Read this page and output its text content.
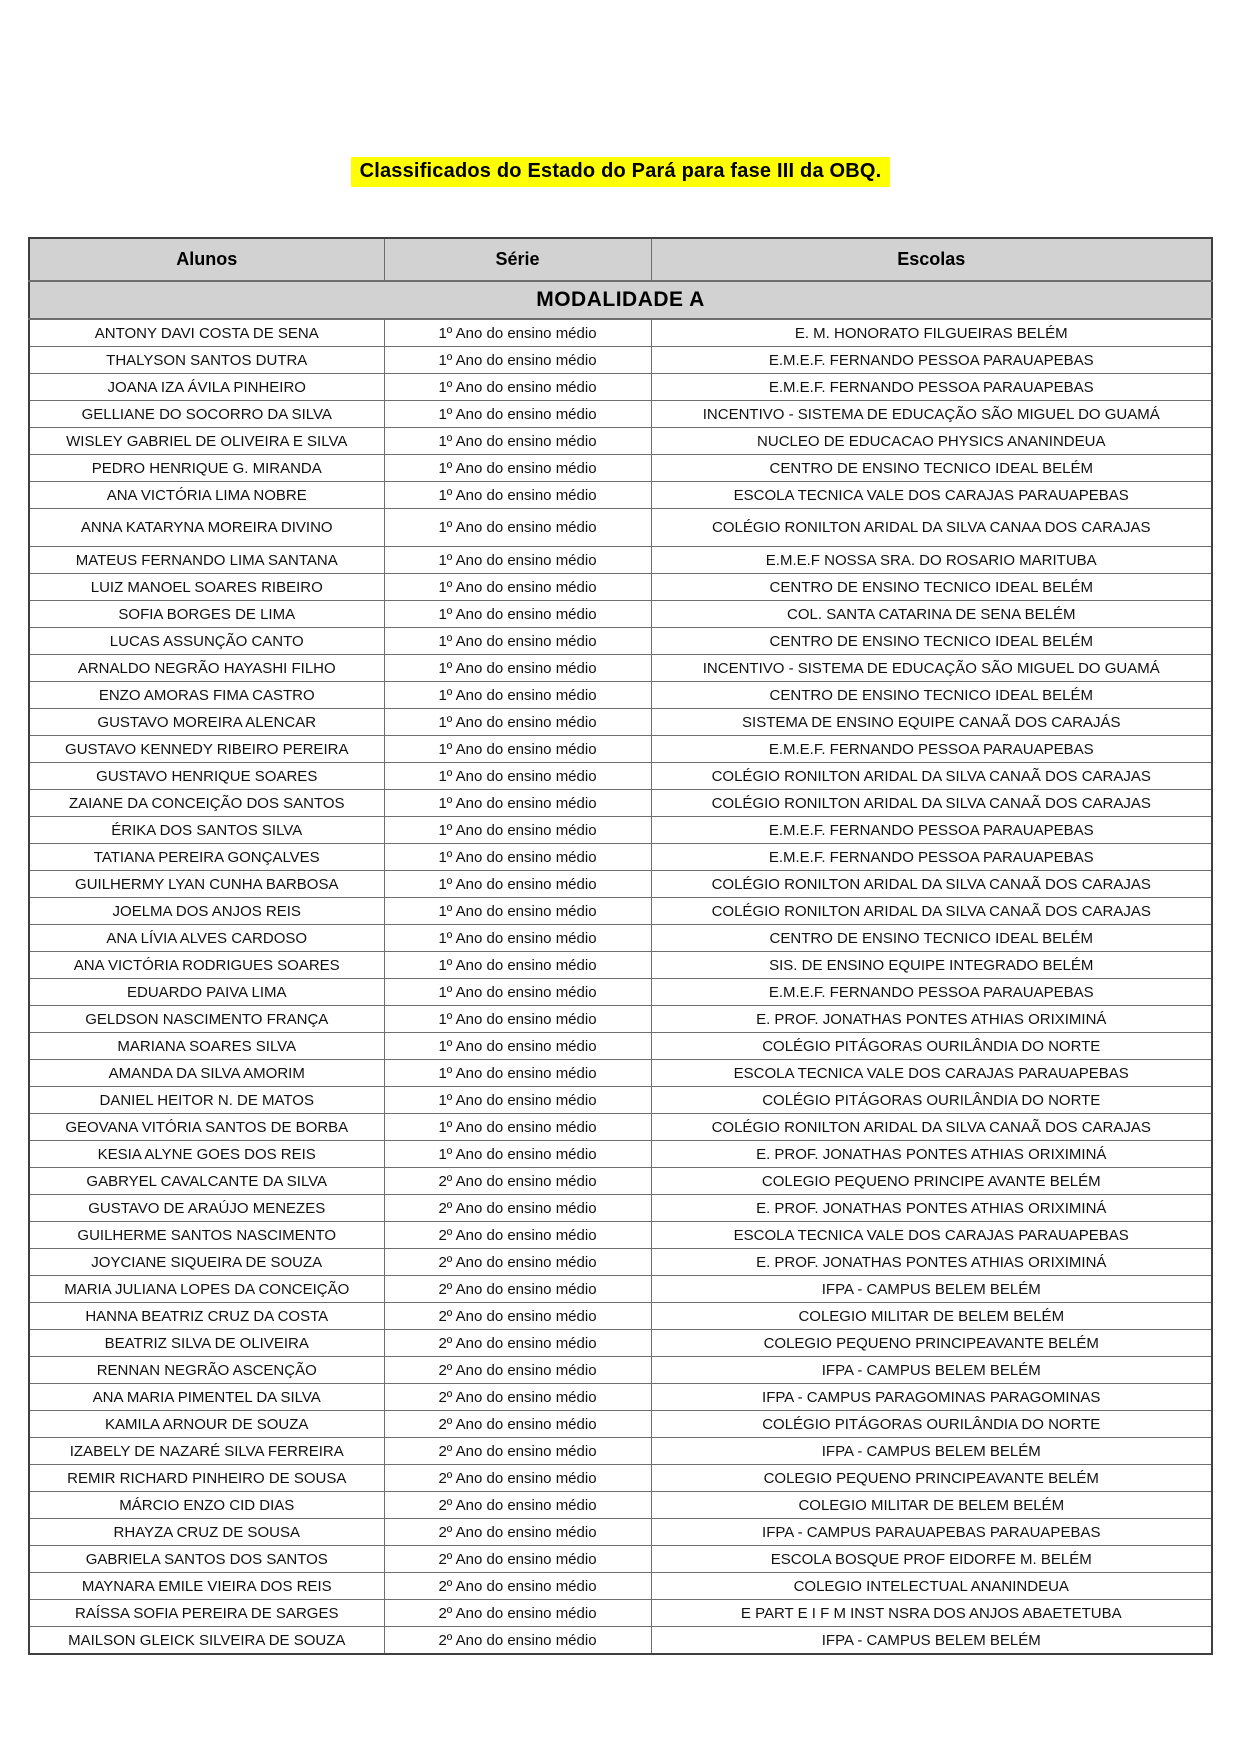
Classificados do Estado do Pará para fase III da OBQ.
Alunos	Série	Escolas
MODALIDADE A		
ANTONY DAVI COSTA DE SENA	1º Ano do ensino médio	E. M. HONORATO FILGUEIRAS BELÉM
THALYSON SANTOS DUTRA	1º Ano do ensino médio	E.M.E.F. FERNANDO PESSOA PARAUAPEBAS
JOANA IZA ÁVILA PINHEIRO	1º Ano do ensino médio	E.M.E.F. FERNANDO PESSOA PARAUAPEBAS
GELLIANE DO SOCORRO DA SILVA	1º Ano do ensino médio	INCENTIVO - SISTEMA DE EDUCAÇÃO SÃO MIGUEL DO GUAMÁ
WISLEY GABRIEL DE OLIVEIRA E SILVA	1º Ano do ensino médio	NUCLEO DE EDUCACAO PHYSICS ANANINDEUA
PEDRO HENRIQUE G. MIRANDA	1º Ano do ensino médio	CENTRO DE ENSINO TECNICO IDEAL BELÉM
ANA VICTÓRIA LIMA NOBRE	1º Ano do ensino médio	ESCOLA TECNICA VALE DOS CARAJAS PARAUAPEBAS
ANNA KATARYNA MOREIRA DIVINO	1º Ano do ensino médio	COLÉGIO RONILTON ARIDAL DA SILVA CANAA DOS CARAJAS
MATEUS FERNANDO LIMA SANTANA	1º Ano do ensino médio	E.M.E.F NOSSA SRA. DO ROSARIO MARITUBA
LUIZ MANOEL SOARES RIBEIRO	1º Ano do ensino médio	CENTRO DE ENSINO TECNICO IDEAL BELÉM
SOFIA BORGES DE LIMA	1º Ano do ensino médio	COL. SANTA CATARINA DE SENA BELÉM
LUCAS ASSUNÇÃO CANTO	1º Ano do ensino médio	CENTRO DE ENSINO TECNICO IDEAL BELÉM
ARNALDO NEGRÃO HAYASHI FILHO	1º Ano do ensino médio	INCENTIVO - SISTEMA DE EDUCAÇÃO SÃO MIGUEL DO GUAMÁ
ENZO AMORAS FIMA CASTRO	1º Ano do ensino médio	CENTRO DE ENSINO TECNICO IDEAL BELÉM
GUSTAVO MOREIRA ALENCAR	1º Ano do ensino médio	SISTEMA DE ENSINO EQUIPE CANAÃ DOS CARAJÁS
GUSTAVO KENNEDY RIBEIRO PEREIRA	1º Ano do ensino médio	E.M.E.F. FERNANDO PESSOA PARAUAPEBAS
GUSTAVO HENRIQUE SOARES	1º Ano do ensino médio	COLÉGIO RONILTON ARIDAL DA SILVA CANAÃ DOS CARAJAS
ZAIANE DA CONCEIÇÃO DOS SANTOS	1º Ano do ensino médio	COLÉGIO RONILTON ARIDAL DA SILVA CANAÃ DOS CARAJAS
ÉRIKA DOS SANTOS SILVA	1º Ano do ensino médio	E.M.E.F. FERNANDO PESSOA PARAUAPEBAS
TATIANA PEREIRA GONÇALVES	1º Ano do ensino médio	E.M.E.F. FERNANDO PESSOA PARAUAPEBAS
GUILHERMY LYAN CUNHA BARBOSA	1º Ano do ensino médio	COLÉGIO RONILTON ARIDAL DA SILVA CANAÃ DOS CARAJAS
JOELMA DOS ANJOS REIS	1º Ano do ensino médio	COLÉGIO RONILTON ARIDAL DA SILVA CANAÃ DOS CARAJAS
ANA LÍVIA ALVES CARDOSO	1º Ano do ensino médio	CENTRO DE ENSINO TECNICO IDEAL BELÉM
ANA VICTÓRIA RODRIGUES SOARES	1º Ano do ensino médio	SIS. DE ENSINO EQUIPE INTEGRADO BELÉM
EDUARDO PAIVA LIMA	1º Ano do ensino médio	E.M.E.F. FERNANDO PESSOA PARAUAPEBAS
GELDSON NASCIMENTO FRANÇA	1º Ano do ensino médio	E. PROF. JONATHAS PONTES ATHIAS ORIXIMINÁ
MARIANA SOARES SILVA	1º Ano do ensino médio	COLÉGIO PITÁGORAS OURILÂNDIA DO NORTE
AMANDA DA SILVA AMORIM	1º Ano do ensino médio	ESCOLA TECNICA VALE DOS CARAJAS PARAUAPEBAS
DANIEL HEITOR N. DE MATOS	1º Ano do ensino médio	COLÉGIO PITÁGORAS OURILÂNDIA DO NORTE
GEOVANA VITÓRIA SANTOS DE BORBA	1º Ano do ensino médio	COLÉGIO RONILTON ARIDAL DA SILVA CANAÃ DOS CARAJAS
KESIA ALYNE GOES DOS REIS	1º Ano do ensino médio	E. PROF. JONATHAS PONTES ATHIAS ORIXIMINÁ
GABRYEL CAVALCANTE DA SILVA	2º Ano do ensino médio	COLEGIO PEQUENO PRINCIPE AVANTE BELÉM
GUSTAVO DE ARAÚJO MENEZES	2º Ano do ensino médio	E. PROF. JONATHAS PONTES ATHIAS ORIXIMINÁ
GUILHERME SANTOS NASCIMENTO	2º Ano do ensino médio	ESCOLA TECNICA VALE DOS CARAJAS PARAUAPEBAS
JOYCIANE SIQUEIRA DE SOUZA	2º Ano do ensino médio	E. PROF. JONATHAS PONTES ATHIAS ORIXIMINÁ
MARIA JULIANA LOPES DA CONCEIÇÃO	2º Ano do ensino médio	IFPA - CAMPUS BELEM BELÉM
HANNA BEATRIZ CRUZ DA COSTA	2º Ano do ensino médio	COLEGIO MILITAR DE BELEM BELÉM
BEATRIZ SILVA DE OLIVEIRA	2º Ano do ensino médio	COLEGIO PEQUENO PRINCIPEAVANTE BELÉM
RENNAN NEGRÃO ASCENÇÃO	2º Ano do ensino médio	IFPA - CAMPUS BELEM BELÉM
ANA MARIA PIMENTEL DA SILVA	2º Ano do ensino médio	IFPA - CAMPUS PARAGOMINAS PARAGOMINAS
KAMILA ARNOUR DE SOUZA	2º Ano do ensino médio	COLÉGIO PITÁGORAS OURILÂNDIA DO NORTE
IZABELY DE NAZARÉ SILVA FERREIRA	2º Ano do ensino médio	IFPA - CAMPUS BELEM BELÉM
REMIR RICHARD PINHEIRO DE SOUSA	2º Ano do ensino médio	COLEGIO PEQUENO PRINCIPEAVANTE BELÉM
MÁRCIO ENZO CID DIAS	2º Ano do ensino médio	COLEGIO MILITAR DE BELEM BELÉM
RHAYZA CRUZ DE SOUSA	2º Ano do ensino médio	IFPA - CAMPUS PARAUAPEBAS PARAUAPEBAS
GABRIELA SANTOS DOS SANTOS	2º Ano do ensino médio	ESCOLA BOSQUE PROF EIDORFE M. BELÉM
MAYNARA EMILE VIEIRA DOS REIS	2º Ano do ensino médio	COLEGIO INTELECTUAL ANANINDEUA
RAÍSSA SOFIA PEREIRA DE SARGES	2º Ano do ensino médio	E PART E I F M INST NSRA DOS ANJOS ABAETETUBA
MAILSON GLEICK SILVEIRA DE SOUZA	2º Ano do ensino médio	IFPA - CAMPUS BELEM BELÉM
